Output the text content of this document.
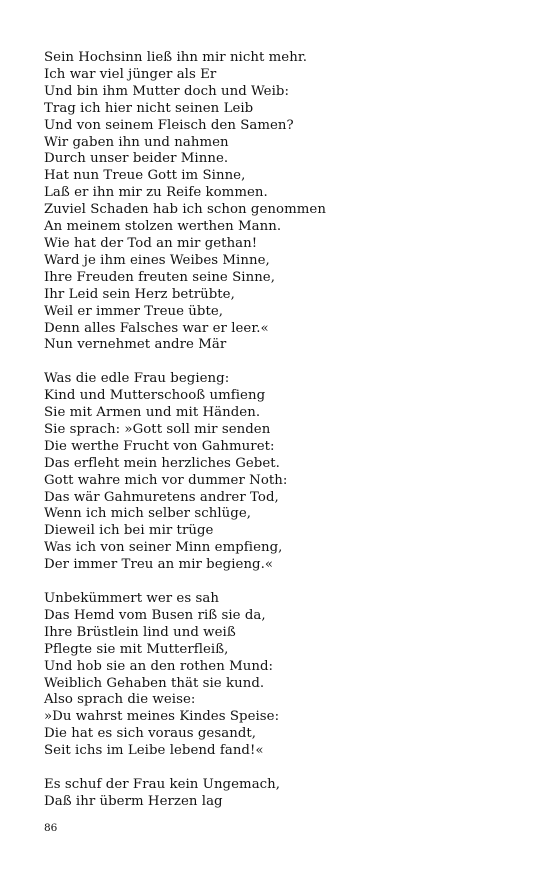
Sein Hochsinn ließ ihn mir nicht mehr.
Ich war viel jünger als Er
Und bin ihm Mutter doch und Weib:
Trag ich hier nicht seinen Leib
Und von seinem Fleisch den Samen?
Wir gaben ihn und nahmen
Durch unser beider Minne.
Hat nun Treue Gott im Sinne,
Laß er ihn mir zu Reife kommen.
Zuviel Schaden hab ich schon genommen
An meinem stolzen werthen Mann.
Wie hat der Tod an mir gethan!
Ward je ihm eines Weibes Minne,
Ihre Freuden freuten seine Sinne,
Ihr Leid sein Herz betrübte,
Weil er immer Treue übte,
Denn alles Falsches war er leer.«
Nun vernehmet andre Mär
Was die edle Frau begieng:
Kind und Mutterschooß umfieng
Sie mit Armen und mit Händen.
Sie sprach: »Gott soll mir senden
Die werthe Frucht von Gahmuret:
Das erfleht mein herzliches Gebet.
Gott wahre mich vor dummer Noth:
Das wär Gahmuretens andrer Tod,
Wenn ich mich selber schlüge,
Dieweil ich bei mir trüge
Was ich von seiner Minn empfieng,
Der immer Treu an mir begieng.«
Unbekümmert wer es sah
Das Hemd vom Busen riß sie da,
Ihre Brüstlein lind und weiß
Pflegte sie mit Mutterfleiß,
Und hob sie an den rothen Mund:
Weiblich Gehaben thät sie kund.
Also sprach die weise:
»Du wahrst meines Kindes Speise:
Die hat es sich voraus gesandt,
Seit ichs im Leibe lebend fand!«
Es schuf der Frau kein Ungemach,
Daß ihr überm Herzen lag
86
